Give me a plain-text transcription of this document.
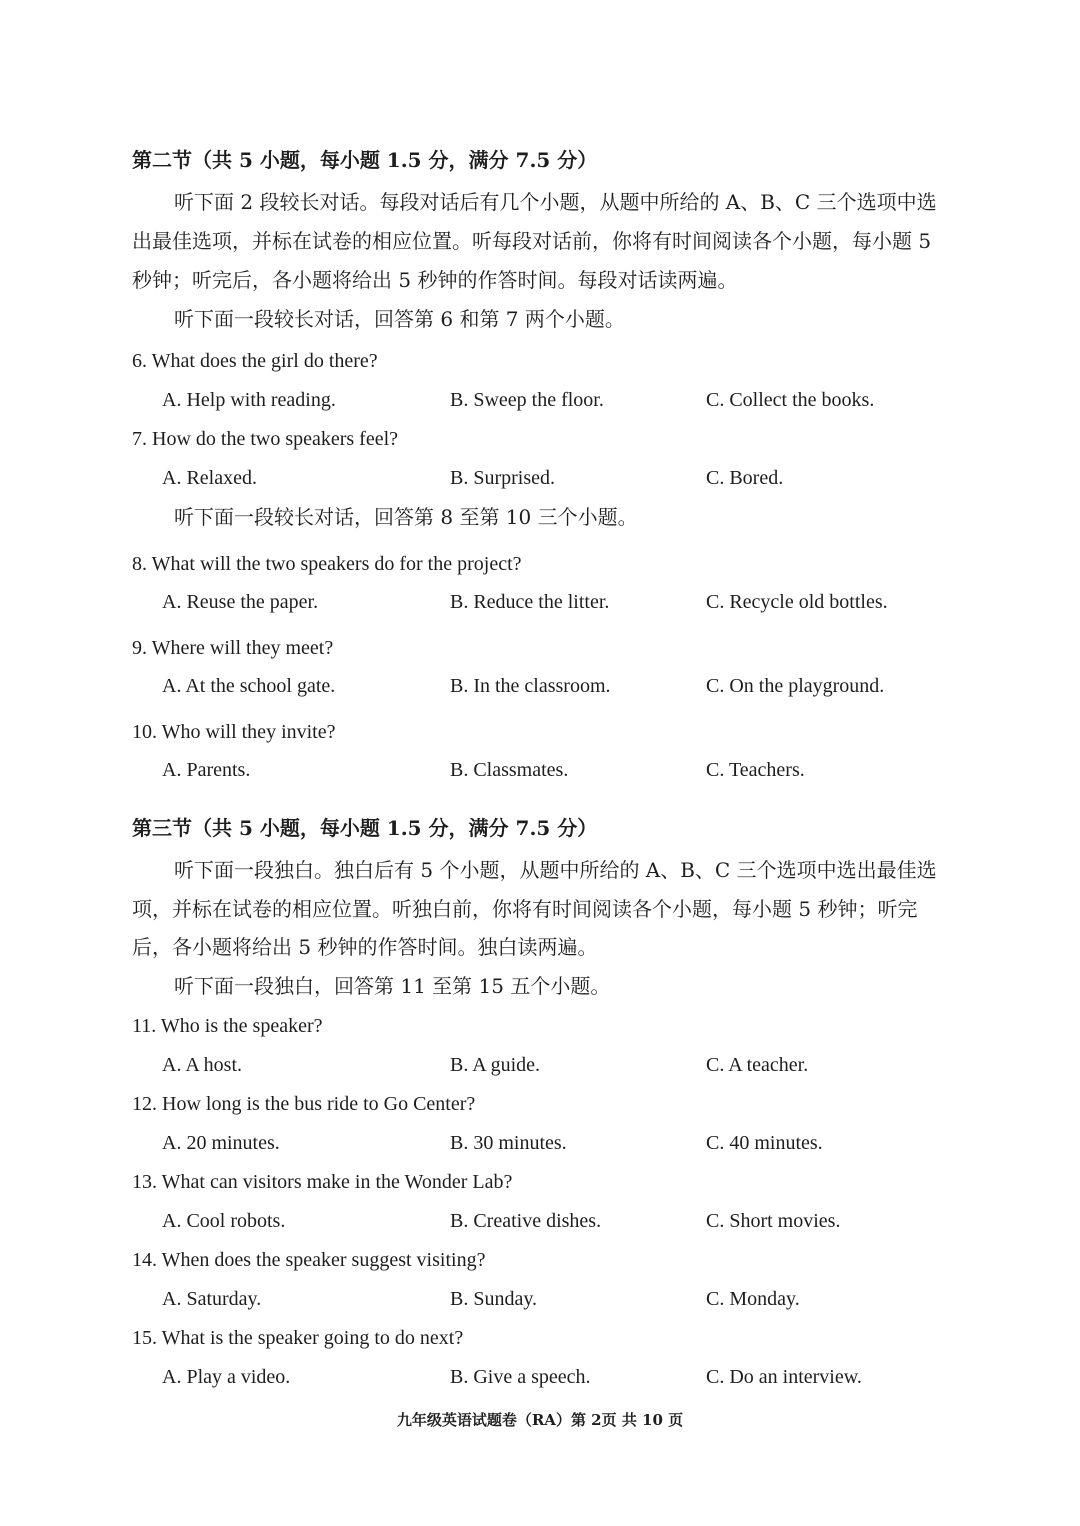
第二节（共 5 小题，每小题 1.5 分，满分 7.5 分）
听下面 2 段较长对话。每段对话后有几个小题，从题中所给的 A、B、C 三个选项中选
出最佳选项，并标在试卷的相应位置。听每段对话前，你将有时间阅读各个小题，每小题 5
秒钟；听完后，各小题将给出 5 秒钟的作答时间。每段对话读两遍。
听下面一段较长对话，回答第 6 和第 7 两个小题。
6. What does the girl do there?
A. Help with reading.	B. Sweep the floor.	C. Collect the books.
7. How do the two speakers feel?
A. Relaxed.	B. Surprised.	C. Bored.
听下面一段较长对话，回答第 8 至第 10 三个小题。
8. What will the two speakers do for the project?
A. Reuse the paper.	B. Reduce the litter.	C. Recycle old bottles.
9. Where will they meet?
A. At the school gate.	B. In the classroom.	C. On the playground.
10. Who will they invite?
A. Parents.	B. Classmates.	C. Teachers.
第三节（共 5 小题，每小题 1.5 分，满分 7.5 分）
听下面一段独白。独白后有 5 个小题，从题中所给的 A、B、C 三个选项中选出最佳选
项，并标在试卷的相应位置。听独白前，你将有时间阅读各个小题，每小题 5 秒钟；听完
后，各小题将给出 5 秒钟的作答时间。独白读两遍。
听下面一段独白，回答第 11 至第 15 五个小题。
11. Who is the speaker?
A. A host.	B. A guide.	C. A teacher.
12. How long is the bus ride to Go Center?
A. 20 minutes.	B. 30 minutes.	C. 40 minutes.
13. What can visitors make in the Wonder Lab?
A. Cool robots.	B. Creative dishes.	C. Short movies.
14. When does the speaker suggest visiting?
A. Saturday.	B. Sunday.	C. Monday.
15. What is the speaker going to do next?
A. Play a video.	B. Give a speech.	C. Do an interview.
九年级英语试题卷（RA）第 2页 共 10 页
